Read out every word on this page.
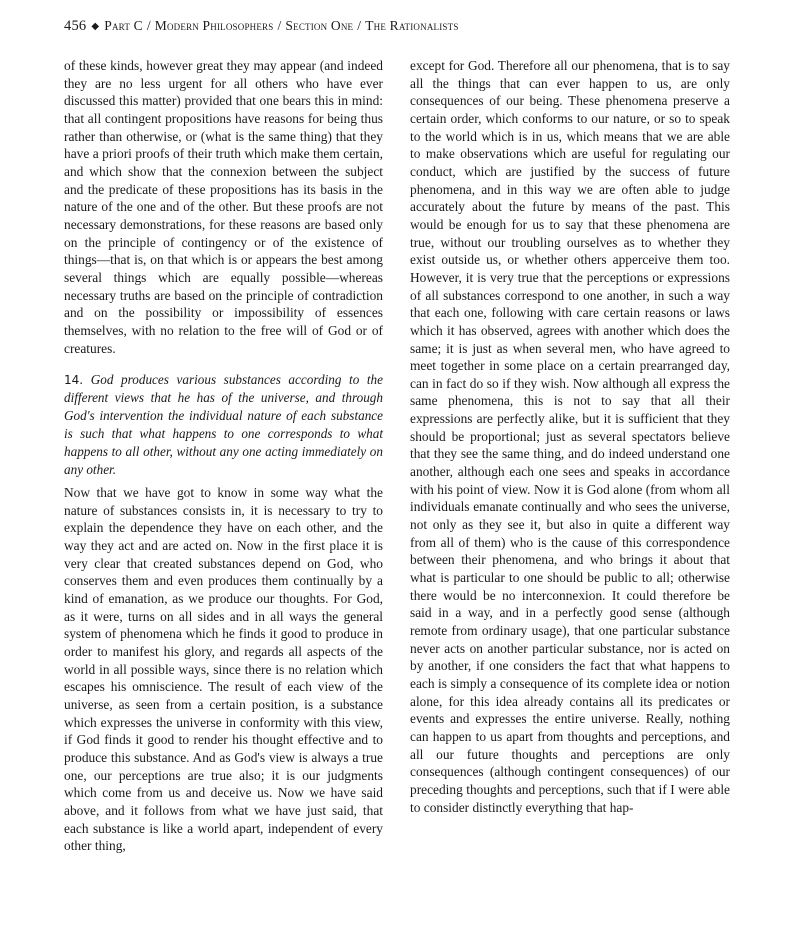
456 ◆ Part C / Modern Philosophers / Section One / The Rationalists

of these kinds, however great they may appear (and indeed they are no less urgent for all others who have ever discussed this matter) provided that one bears this in mind: that all contingent propositions have reasons for being thus rather than otherwise, or (what is the same thing) that they have a priori proofs of their truth which make them certain, and which show that the connexion between the subject and the predicate of these propositions has its basis in the nature of the one and of the other. But these proofs are not necessary demonstrations, for these reasons are based only on the principle of contingency or of the existence of things—that is, on that which is or appears the best among several things which are equally possible—whereas necessary truths are based on the principle of contradiction and on the possibility or impossibility of essences themselves, with no relation to the free will of God or of creatures.

14. God produces various substances according to the different views that he has of the universe, and through God's intervention the individual nature of each substance is such that what happens to one corresponds to what happens to all other, without any one acting immediately on any other.

Now that we have got to know in some way what the nature of substances consists in, it is necessary to try to explain the dependence they have on each other, and the way they act and are acted on. Now in the first place it is very clear that created substances depend on God, who conserves them and even produces them continually by a kind of emanation, as we produce our thoughts. For God, as it were, turns on all sides and in all ways the general system of phenomena which he finds it good to produce in order to manifest his glory, and regards all aspects of the world in all possible ways, since there is no relation which escapes his omniscience. The result of each view of the universe, as seen from a certain position, is a substance which expresses the universe in conformity with this view, if God finds it good to render his thought effective and to produce this substance. And as God's view is always a true one, our perceptions are true also; it is our judgments which come from us and deceive us. Now we have said above, and it follows from what we have just said, that each substance is like a world apart, independent of every other thing,

except for God. Therefore all our phenomena, that is to say all the things that can ever happen to us, are only consequences of our being. These phenomena preserve a certain order, which conforms to our nature, or so to speak to the world which is in us, which means that we are able to make observations which are useful for regulating our conduct, which are justified by the success of future phenomena, and in this way we are often able to judge accurately about the future by means of the past. This would be enough for us to say that these phenomena are true, without our troubling ourselves as to whether they exist outside us, or whether others apperceive them too. However, it is very true that the perceptions or expressions of all substances correspond to one another, in such a way that each one, following with care certain reasons or laws which it has observed, agrees with another which does the same; it is just as when several men, who have agreed to meet together in some place on a certain prearranged day, can in fact do so if they wish. Now although all express the same phenomena, this is not to say that all their expressions are perfectly alike, but it is sufficient that they should be proportional; just as several spectators believe that they see the same thing, and do indeed understand one another, although each one sees and speaks in accordance with his point of view. Now it is God alone (from whom all individuals emanate continually and who sees the universe, not only as they see it, but also in quite a different way from all of them) who is the cause of this correspondence between their phenomena, and who brings it about that what is particular to one should be public to all; otherwise there would be no interconnexion. It could therefore be said in a way, and in a perfectly good sense (although remote from ordinary usage), that one particular substance never acts on another particular substance, nor is acted on by another, if one considers the fact that what happens to each is simply a consequence of its complete idea or notion alone, for this idea already contains all its predicates or events and expresses the entire universe. Really, nothing can happen to us apart from thoughts and perceptions, and all our future thoughts and perceptions are only consequences (although contingent consequences) of our preceding thoughts and perceptions, such that if I were able to consider distinctly everything that hap-
